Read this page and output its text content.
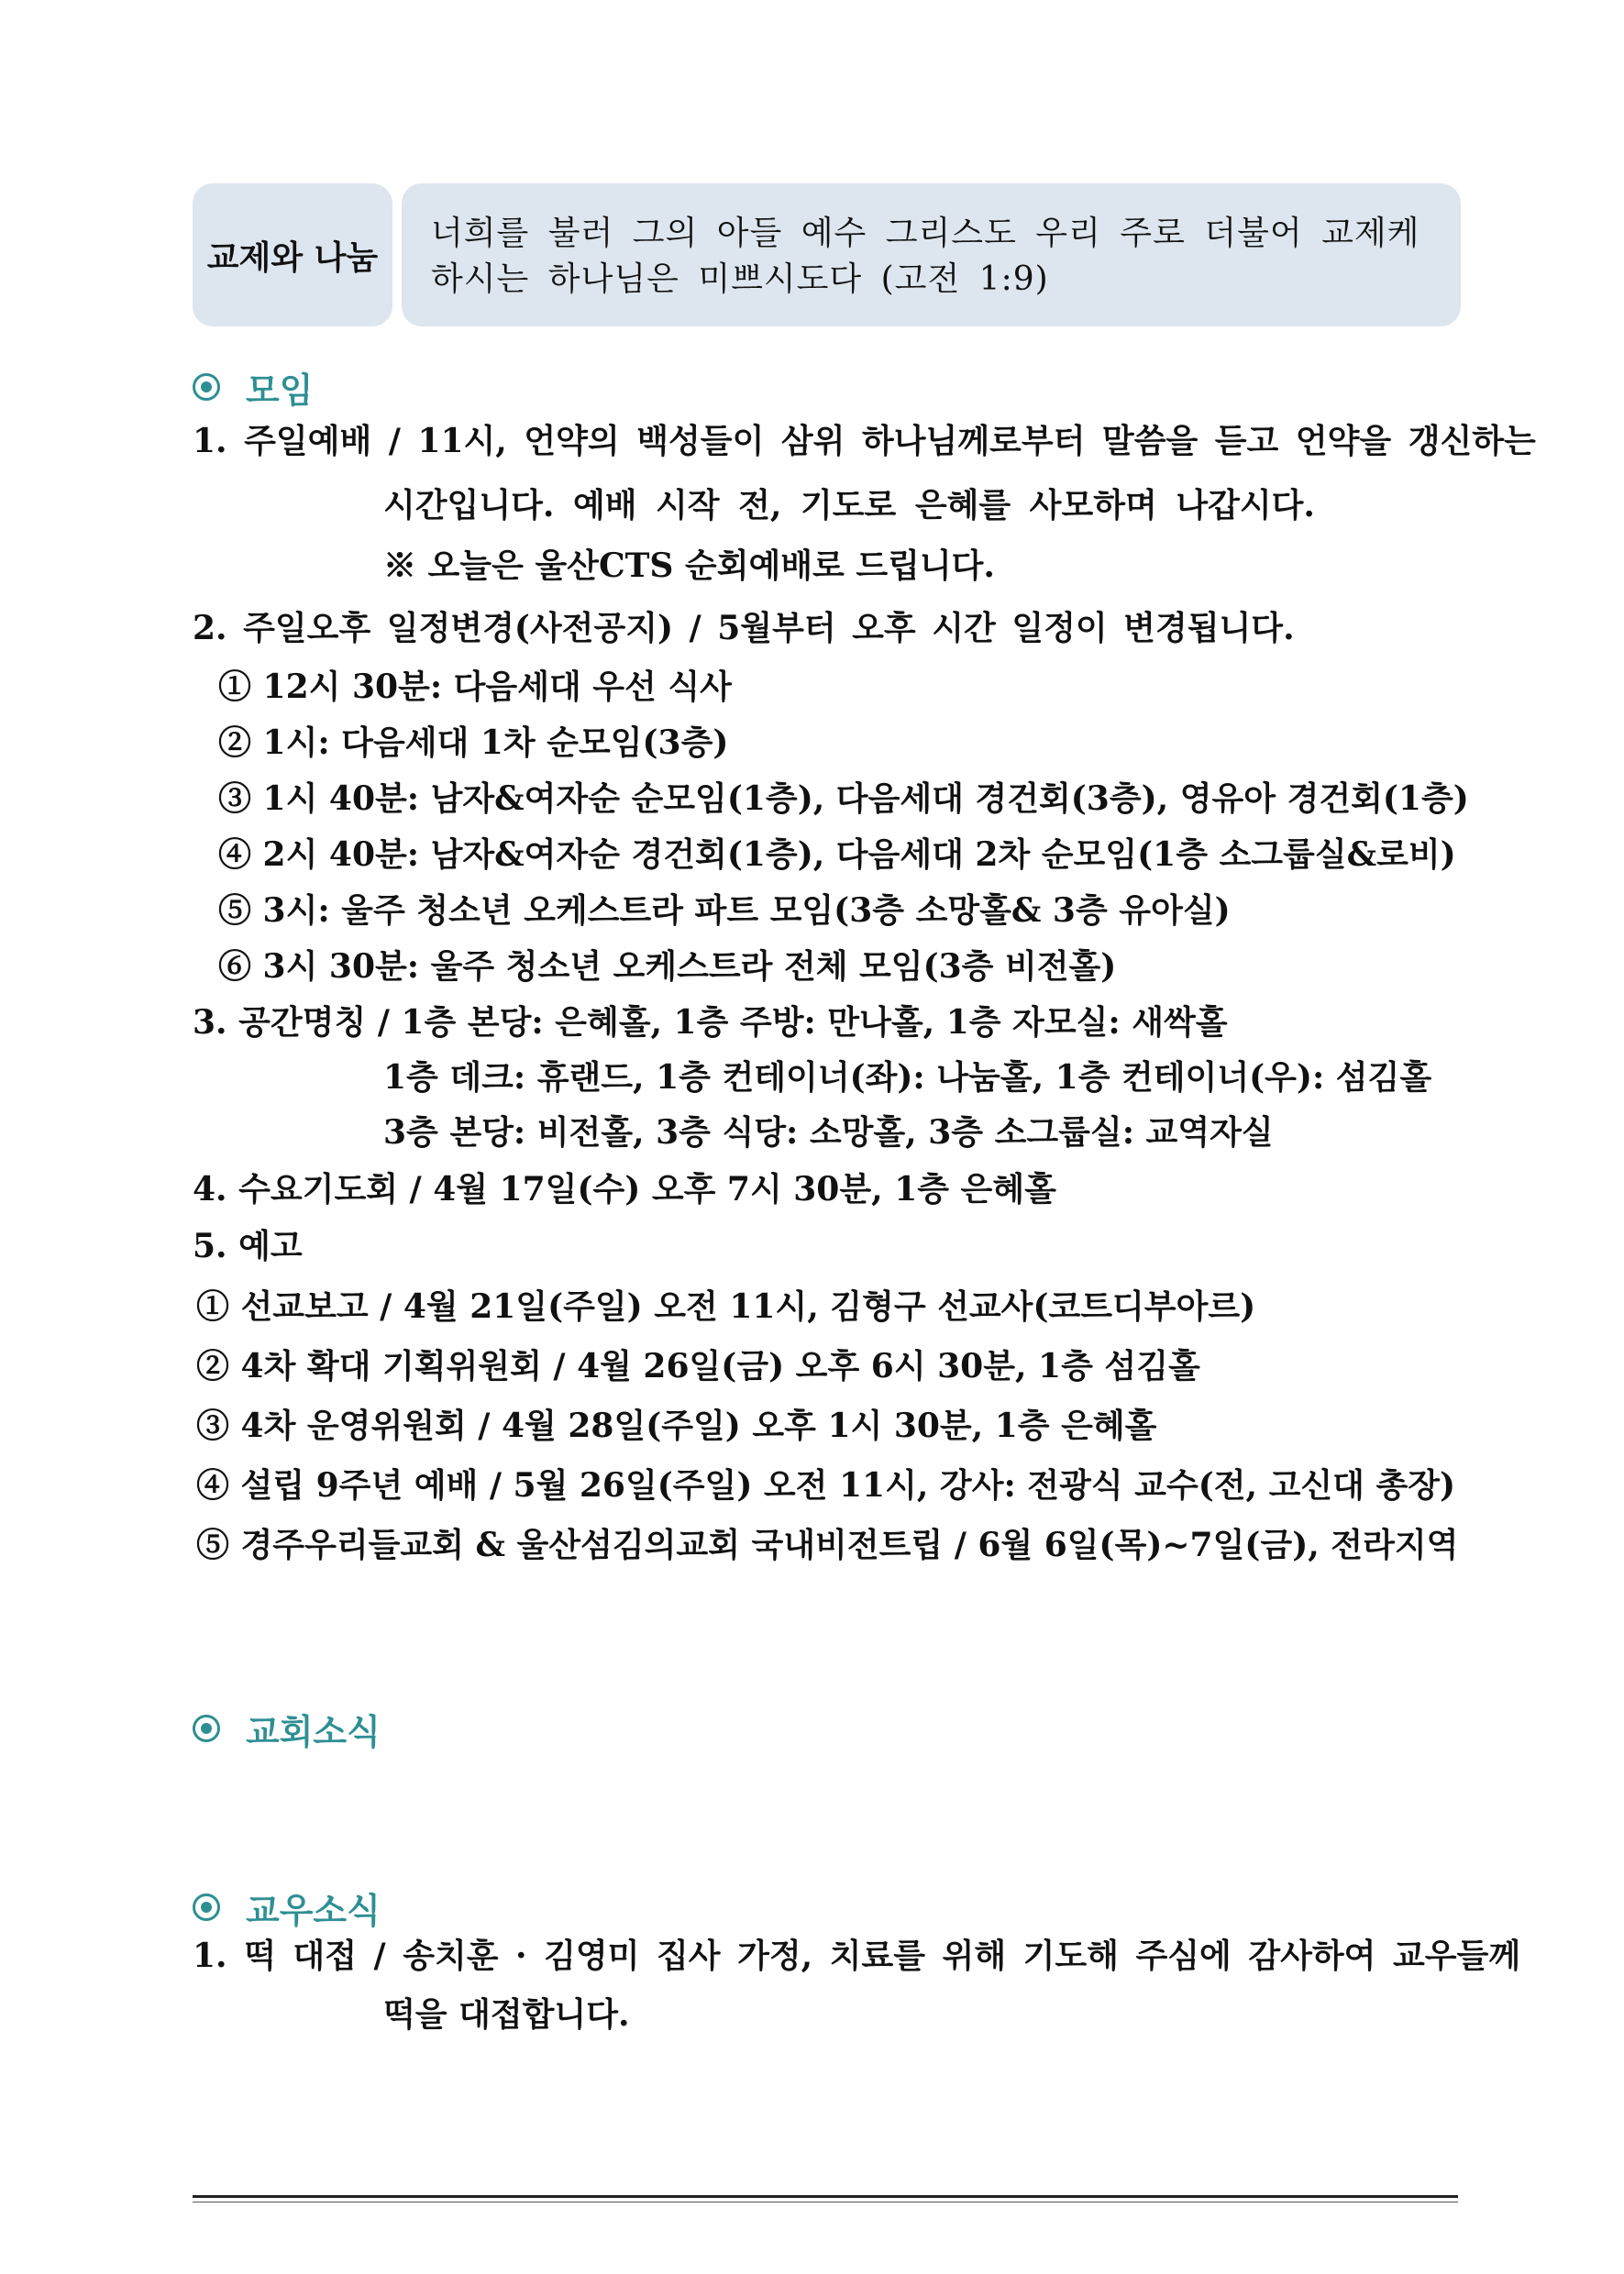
교제와 나눔
너희를 불러 그의 아들 예수 그리스도 우리 주로 더불어 교제케
하시는 하나님은 미쁘시도다 (고전 1:9)
모임
1. 주일예배 / 11시, 언약의 백성들이 삼위 하나님께로부터 말씀을 듣고 언약을 갱신하는
시간입니다. 예배 시작 전, 기도로 은혜를 사모하며 나갑시다.
※ 오늘은 울산CTS 순회예배로 드립니다.
2. 주일오후 일정변경(사전공지) / 5월부터 오후 시간 일정이 변경됩니다.
① 12시 30분: 다음세대 우선 식사
② 1시: 다음세대 1차 순모임(3층)
③ 1시 40분: 남자&여자순 순모임(1층), 다음세대 경건회(3층), 영유아 경건회(1층)
④ 2시 40분: 남자&여자순 경건회(1층), 다음세대 2차 순모임(1층 소그룹실&로비)
⑤ 3시: 울주 청소년 오케스트라 파트 모임(3층 소망홀& 3층 유아실)
⑥ 3시 30분: 울주 청소년 오케스트라 전체 모임(3층 비전홀)
3. 공간명칭 / 1층 본당: 은혜홀, 1층 주방: 만나홀, 1층 자모실: 새싹홀
1층 데크: 휴랜드, 1층 컨테이너(좌): 나눔홀, 1층 컨테이너(우): 섬김홀
3층 본당: 비전홀, 3층 식당: 소망홀, 3층 소그룹실: 교역자실
4. 수요기도회 / 4월 17일(수) 오후 7시 30분, 1층 은혜홀
5. 예고
① 선교보고 / 4월 21일(주일) 오전 11시, 김형구 선교사(코트디부아르)
② 4차 확대 기획위원회 / 4월 26일(금) 오후 6시 30분, 1층 섬김홀
③ 4차 운영위원회 / 4월 28일(주일) 오후 1시 30분, 1층 은혜홀
④ 설립 9주년 예배 / 5월 26일(주일) 오전 11시, 강사: 전광식 교수(전, 고신대 총장)
⑤ 경주우리들교회 & 울산섬김의교회 국내비전트립 / 6월 6일(목)~7일(금), 전라지역
교회소식
교우소식
1. 떡 대접 / 송치훈 · 김영미 집사 가정, 치료를 위해 기도해 주심에 감사하여 교우들께
떡을 대접합니다.
